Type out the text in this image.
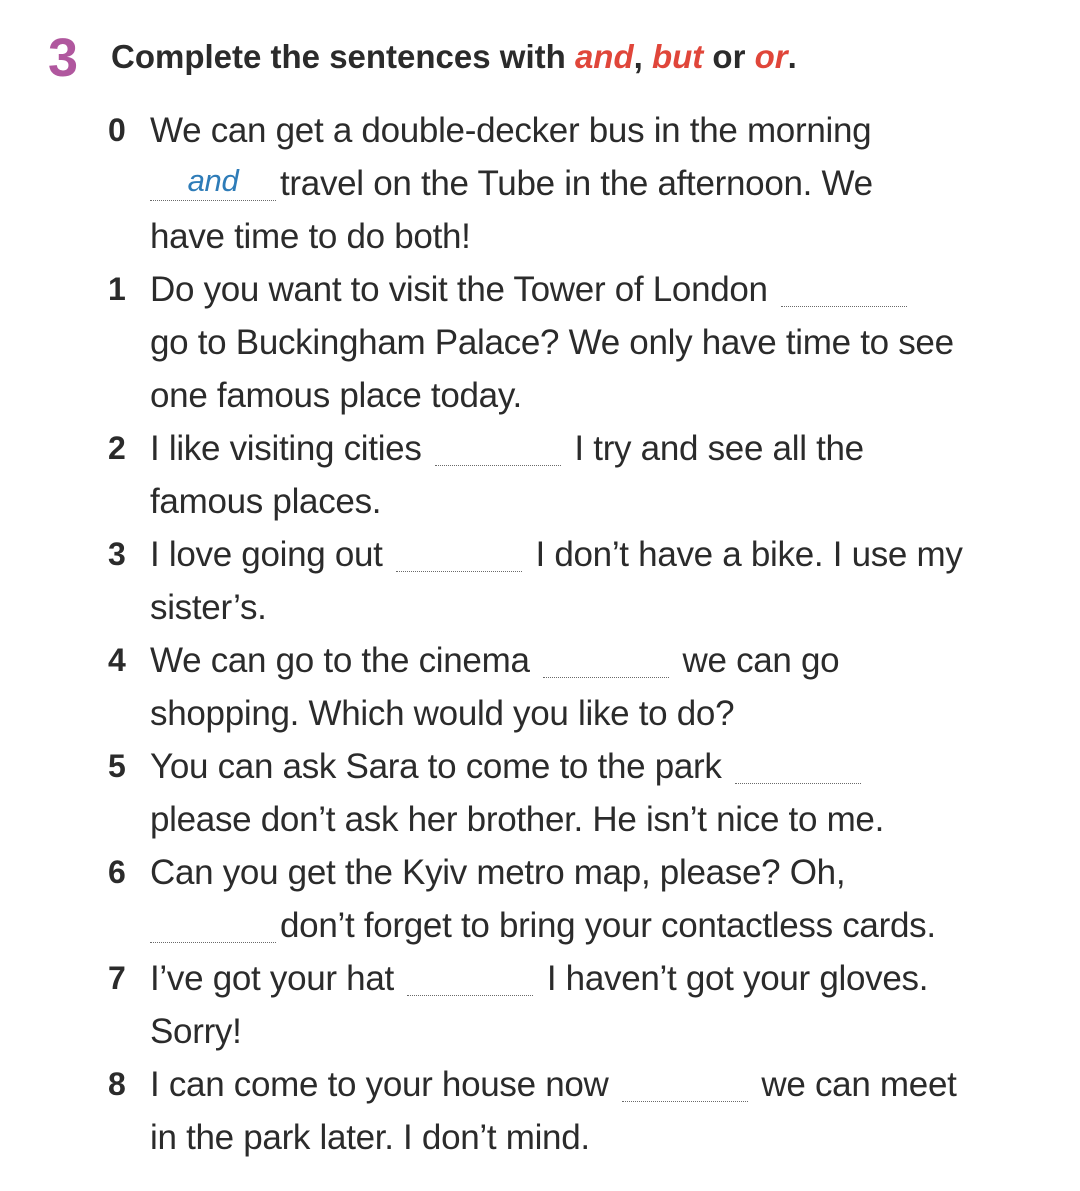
3 Complete the sentences with and, but or or.
0 We can get a double-decker bus in the morning
and	travel on the Tube in the afternoon. We
have time to do both!
1 Do you want to visit the Tower of London
go to Buckingham Palace? We only have time to see
one famous place today.
2 I like visiting cities	I try and see all the
famous places.
3 I love going out	I don’t have a bike. I use my
sister’s.
4 We can go to the cinema	we can go
shopping. Which would you like to do?
5 You can ask Sara to come to the park
please don’t ask her brother. He isn’t nice to me.
6 Can you get the Kyiv metro map, please? Oh,
don’t forget to bring your contactless cards.
7 I’ve got your hat	I haven’t got your gloves.
Sorry!
8 I can come to your house now	we can meet
in the park later. I don’t mind.
